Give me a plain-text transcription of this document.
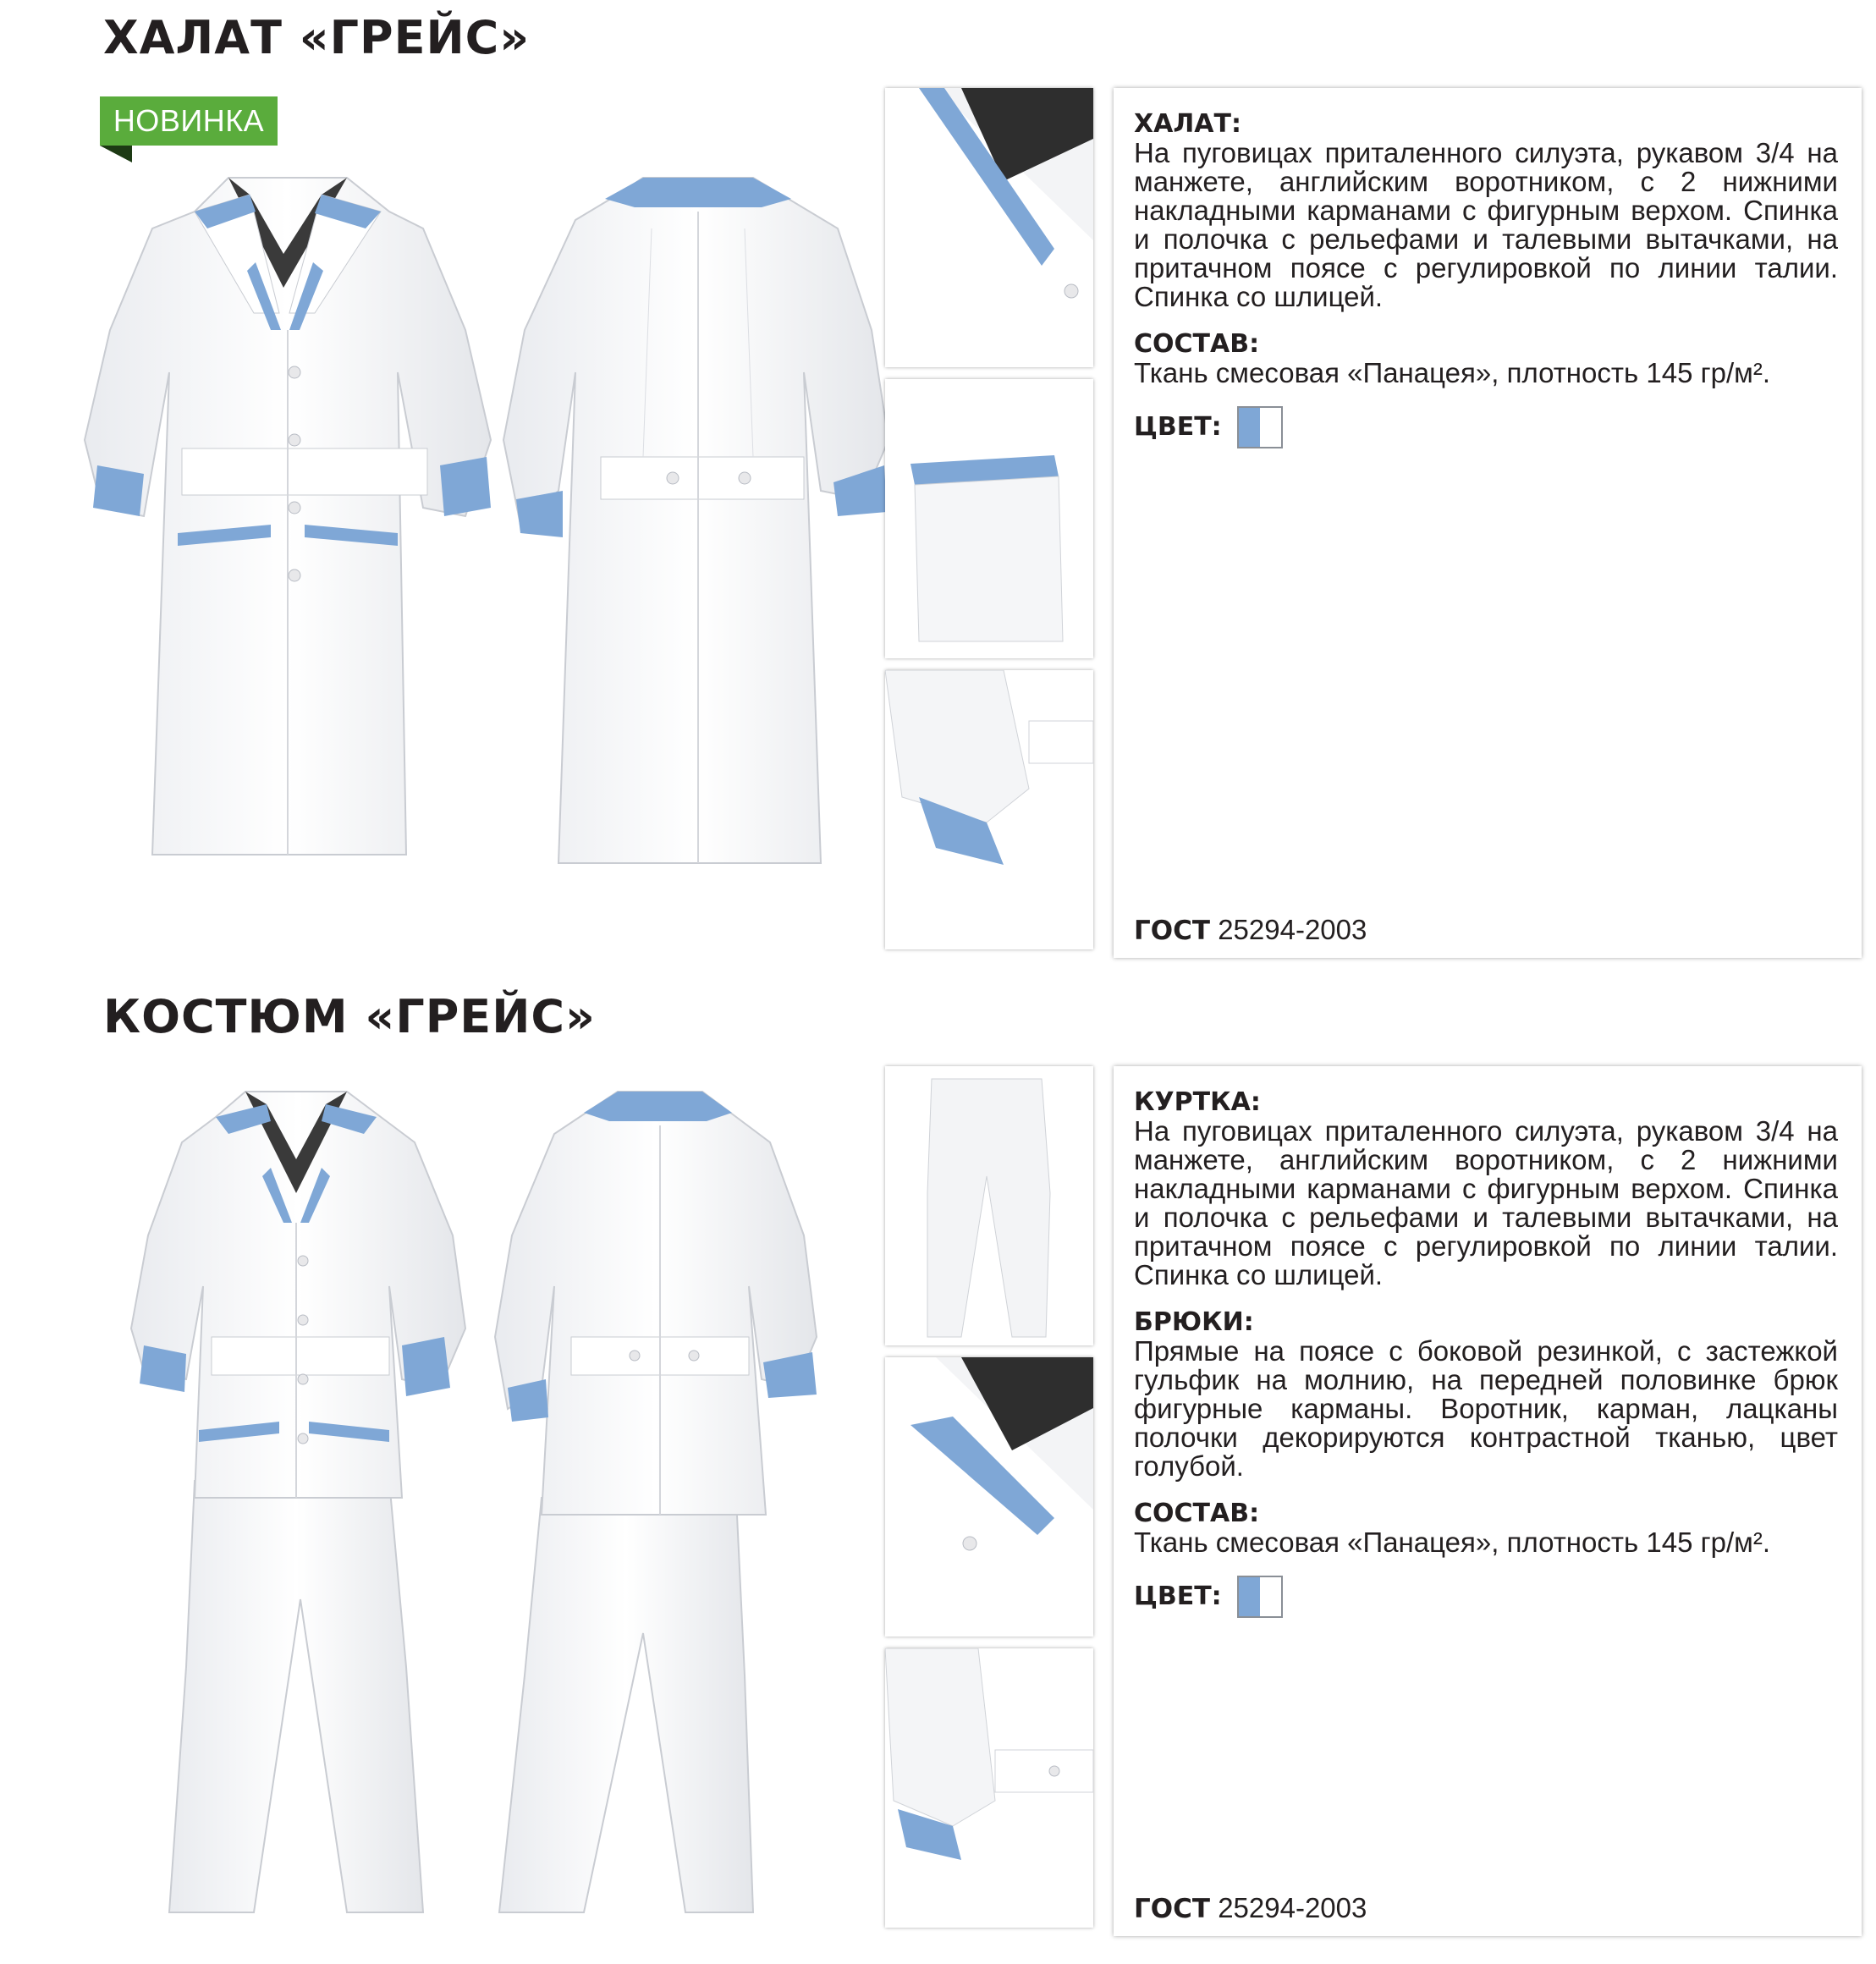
ХАЛАТ «ГРЕЙС»
НОВИНКА	ХАЛАТ:
На пуговицах приталенного силуэта, рукавом 3/4 на манжете, английским воротником, с 2 нижними накладными карманами с фигурным верхом. Спинка и полочка с рельефами и талевыми вытачками, на притачном поясе с регулировкой по линии талии. Спинка со шлицей.
СОСТАВ:
Ткань смесовая «Панацея», плотность 145 гр/м².
ЦВЕТ:
ГОСТ 25294-2003
КОСТЮМ «ГРЕЙС»
КУРТКА:
На пуговицах приталенного силуэта, рукавом 3/4 на манжете, английским воротником, с 2 нижними накладными карманами с фигурным верхом. Спинка и полочка с рельефами и талевыми вытачками, на притачном поясе с регулировкой по линии талии. Спинка со шлицей.
БРЮКИ:
Прямые на поясе с боковой резинкой, с застежкой гульфик на молнию, на передней половинке брюк фигурные карманы. Воротник, карман, лацканы полочки декорируются контрастной тканью, цвет голубой.
СОСТАВ:
Ткань смесовая «Панацея», плотность 145 гр/м².
ЦВЕТ:
ГОСТ 25294-2003
